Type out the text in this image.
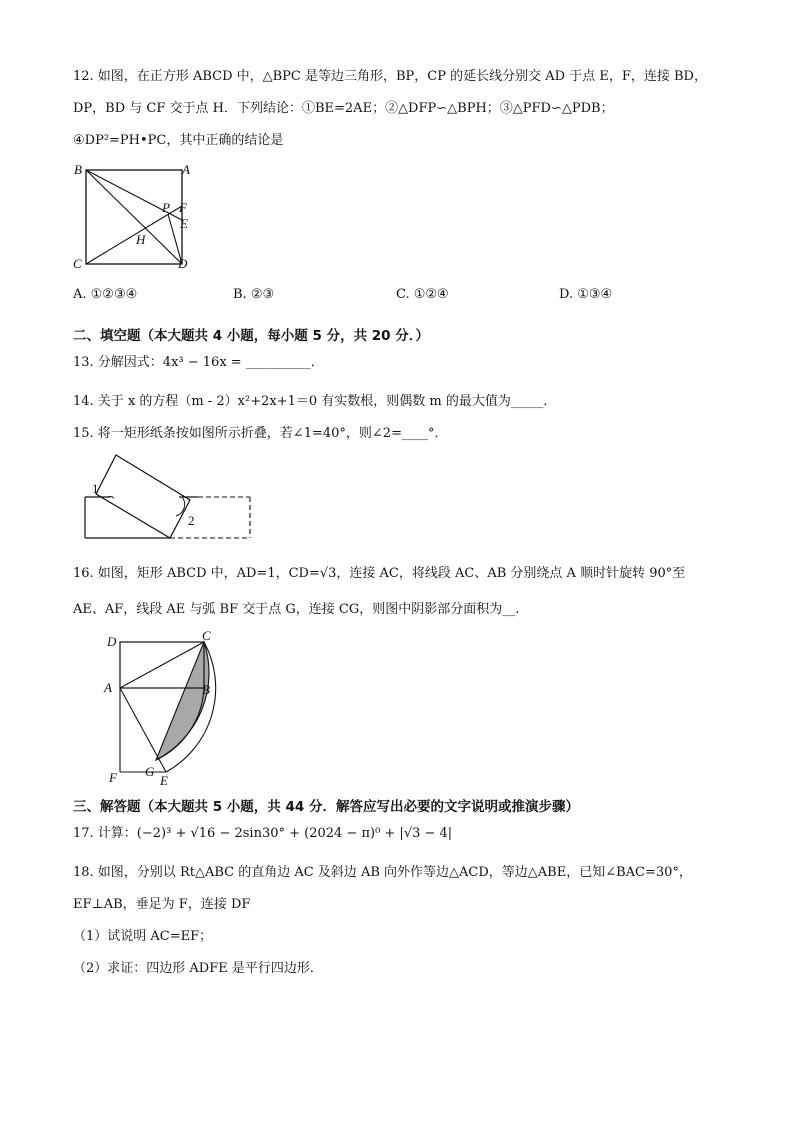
12. 如图，在正方形 ABCD 中，△BPC 是等边三角形，BP，CP 的延长线分别交 AD 于点 E，F，连接 BD，
DP，BD 与 CF 交于点 H．下列结论：①BE=2AE；②△DFP∽△BPH；③△PFD∽△PDB；
④DP²=PH•PC，其中正确的结论是
B	A
P F
E
H
C	D
A. ①②③④	B. ②③	C. ①②④	D. ①③④
二、填空题（本大题共 4 小题，每小题 5 分，共 20 分．）
13. 分解因式：4x³ − 16x = __________．
14. 关于 x 的方程（m - 2）x²+2x+1＝0 有实数根，则偶数 m 的最大值为_____．
15. 将一矩形纸条按如图所示折叠，若∠1=40°，则∠2=____°．
1
2
16. 如图，矩形 ABCD 中，AD=1，CD=√3，连接 AC，将线段 AC、AB 分别绕点 A 顺时针旋转 90°至
AE、AF，线段 AE 与弧 BF 交于点 G，连接 CG，则图中阴影部分面积为__.
D	C
A	B
F G
E
三、解答题（本大题共 5 小题，共 44 分．解答应写出必要的文字说明或推演步骤）
17. 计算：(−2)³ + √16 − 2sin30° + (2024 − π)⁰ + |√3 − 4|
18. 如图，分别以 Rt△ABC 的直角边 AC 及斜边 AB 向外作等边△ACD，等边△ABE，已知∠BAC=30°，
EF⊥AB，垂足为 F，连接 DF
（1）试说明 AC=EF；
（2）求证：四边形 ADFE 是平行四边形．
